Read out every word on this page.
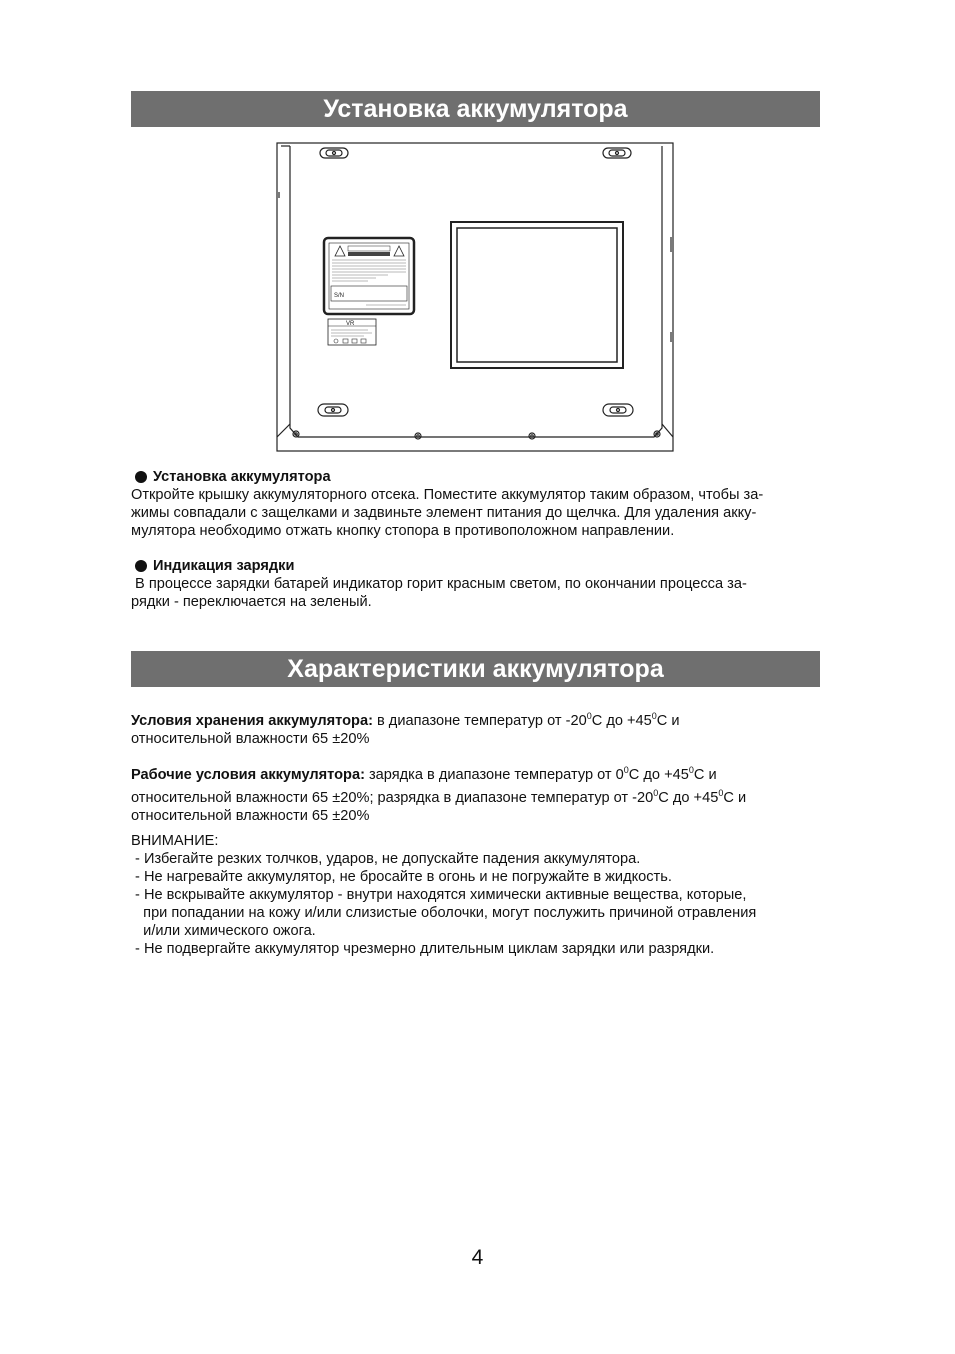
Установка аккумулятора
S/N
VR

Установка аккумулятора

Откройте крышку аккумуляторного отсека. Поместите аккумулятор таким образом, чтобы за-

жимы совпадали с защелками и задвиньте элемент питания до щелчка. Для удаления акку-

мулятора необходимо отжать кнопку стопора в противоположном направлении.

Индикация зарядки

В процессе зарядки батарей индикатор горит красным светом, по окончании процесса за-

рядки - переключается на зеленый.

Характеристики аккумулятора

Условия хранения аккумулятора: в диапазоне температур от $-20^0С$ до $+45^0С$ и

относительной влажности 65 ±20%

Рабочие условия аккумулятора: зарядка в диапазоне температур от $0^0С$ до $+45^0С$ и

относительной влажности 65 ±20%; разрядка в диапазоне температур от $-20^0С$ до $+45^0С$ и

относительной влажности 65 ±20%

ВНИМАНИЕ:

- Избегайте резких толчков, ударов, не допускайте падения аккумулятора.

- Не нагревайте аккумулятор, не бросайте в огонь и не погружайте в жидкость.

- Не вскрывайте аккумулятор - внутри находятся химически активные вещества, которые,

при попадании на кожу и/или слизистые оболочки, могут послужить причиной отравления

и/или химического ожога.

- Не подвергайте аккумулятор чрезмерно длительным циклам зарядки или разрядки.

4
